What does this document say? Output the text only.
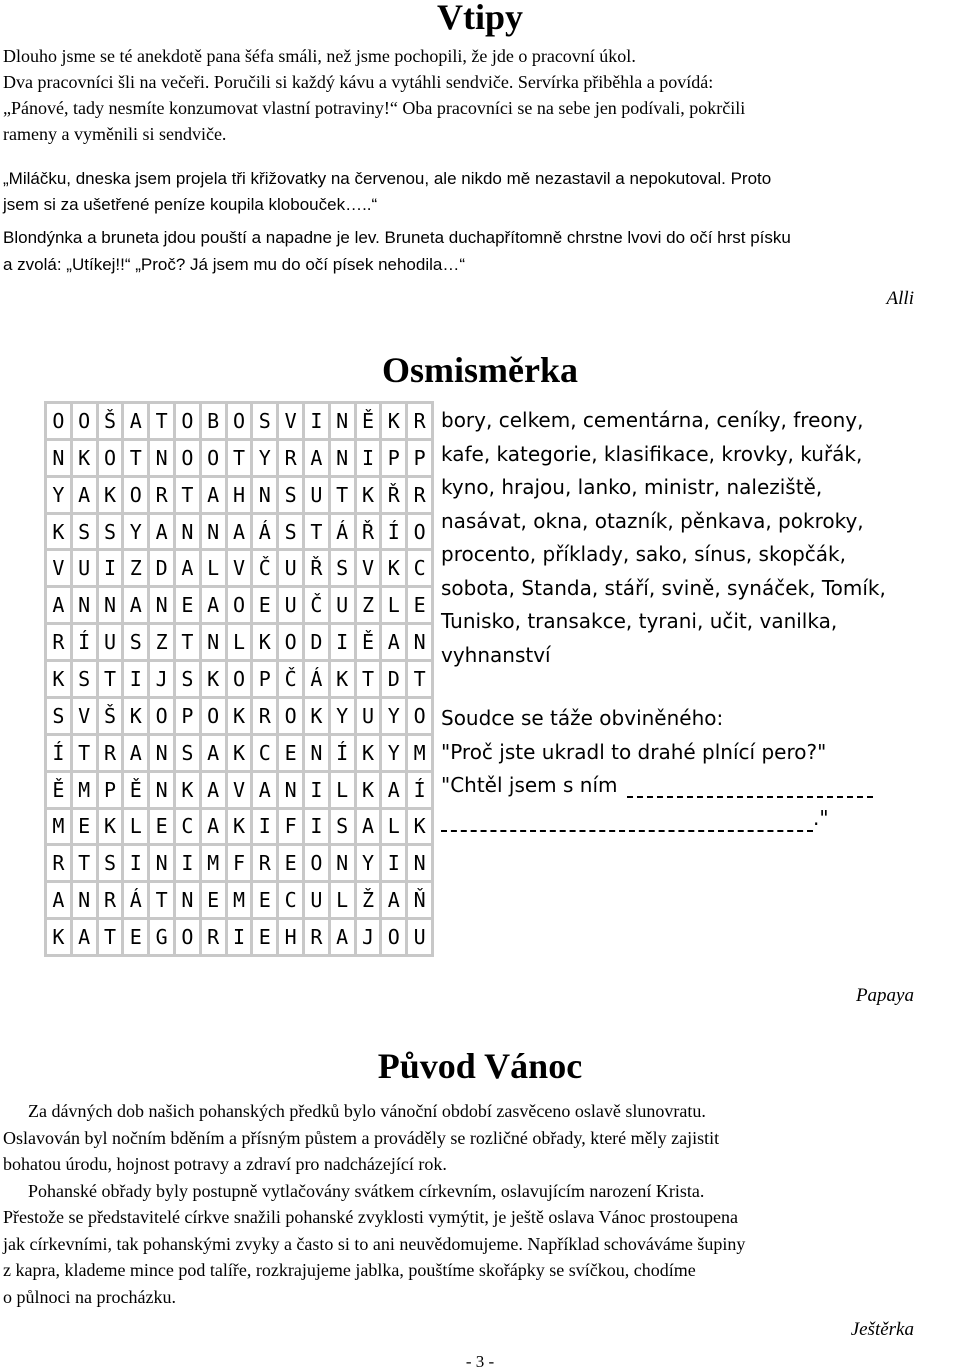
Vtipy
Dlouho jsme se té anekdotě pana šéfa smáli, než jsme pochopili, že jde o pracovní úkol.
Dva pracovníci šli na večeři. Poručili si každý kávu a vytáhli sendviče. Servírka přiběhla a povídá:
„Pánové, tady nesmíte konzumovat vlastní potraviny!“ Oba pracovníci se na sebe jen podívali, pokrčili
rameny a vyměnili si sendviče.
„Miláčku, dneska jsem projela tři křižovatky na červenou, ale nikdo mě nezastavil a nepokutoval. Proto
jsem si za ušetřené peníze koupila klobouček…..“
Blondýnka a bruneta jdou pouští a napadne je lev. Bruneta duchapřítomně chrstne lvovi do očí hrst písku
a zvolá: „Utíkej!!“ „Proč? Já jsem mu do očí písek nehodila…“
Alli
Osmisměrka
O O Š A T O B O S V I N Ě K R
N K O T N O O T Y R A N I P P
Y A K O R T A H N S U T K Ř R
K S S Y A N N A Á S T Á Ř Í O
V U I Z D A L V Č U Ř S V K C
A N N A N E A O E U Č U Z L E
R Í U S Z T N L K O D I Ě A N
K S T I J S K O P Č Á K T D T
S V Š K O P O K R O K Y U Y O
Í T R A N S A K C E N Í K Y M
Ě M P Ě N K A V A N I L K A Í
M E K L E C A K I F I S A L K
R T S I N I M F R E O N Y I N
A N R Á T N E M E C U L Ž A Ň
K A T E G O R I E H R A J O U
bory, celkem, cementárna, ceníky, freony,
kafe, kategorie, klasifikace, krovky, kuřák,
kyno, hrajou, lanko, ministr, naleziště,
nasávat, okna, otazník, pěnkava, pokroky,
procento, příklady, sako, sínus, skopčák,
sobota, Standa, stáří, svině, synáček, Tomík,
Tunisko, transakce, tyrani, učit, vanilka,
vyhnanství
Soudce se táže obviněného:
"Proč jste ukradl to drahé plnící pero?"
"Chtěl jsem s ním
."
Papaya
Původ Vánoc
Za dávných dob našich pohanských předků bylo vánoční období zasvěceno oslavě slunovratu.
Oslavován byl nočním bděním a přísným půstem a prováděly se rozličné obřady, které měly zajistit
bohatou úrodu, hojnost potravy a zdraví pro nadcházející rok.
Pohanské obřady byly postupně vytlačovány svátkem církevním, oslavujícím narození Krista.
Přestože se představitelé církve snažili pohanské zvyklosti vymýtit, je ještě oslava Vánoc prostoupena
jak církevními, tak pohanskými zvyky a často si to ani neuvědomujeme. Například schováváme šupiny
z kapra, klademe mince pod talíře, rozkrajujeme jablka, pouštíme skořápky se svíčkou, chodíme
o půlnoci na procházku.
Ještěrka
- 3 -
